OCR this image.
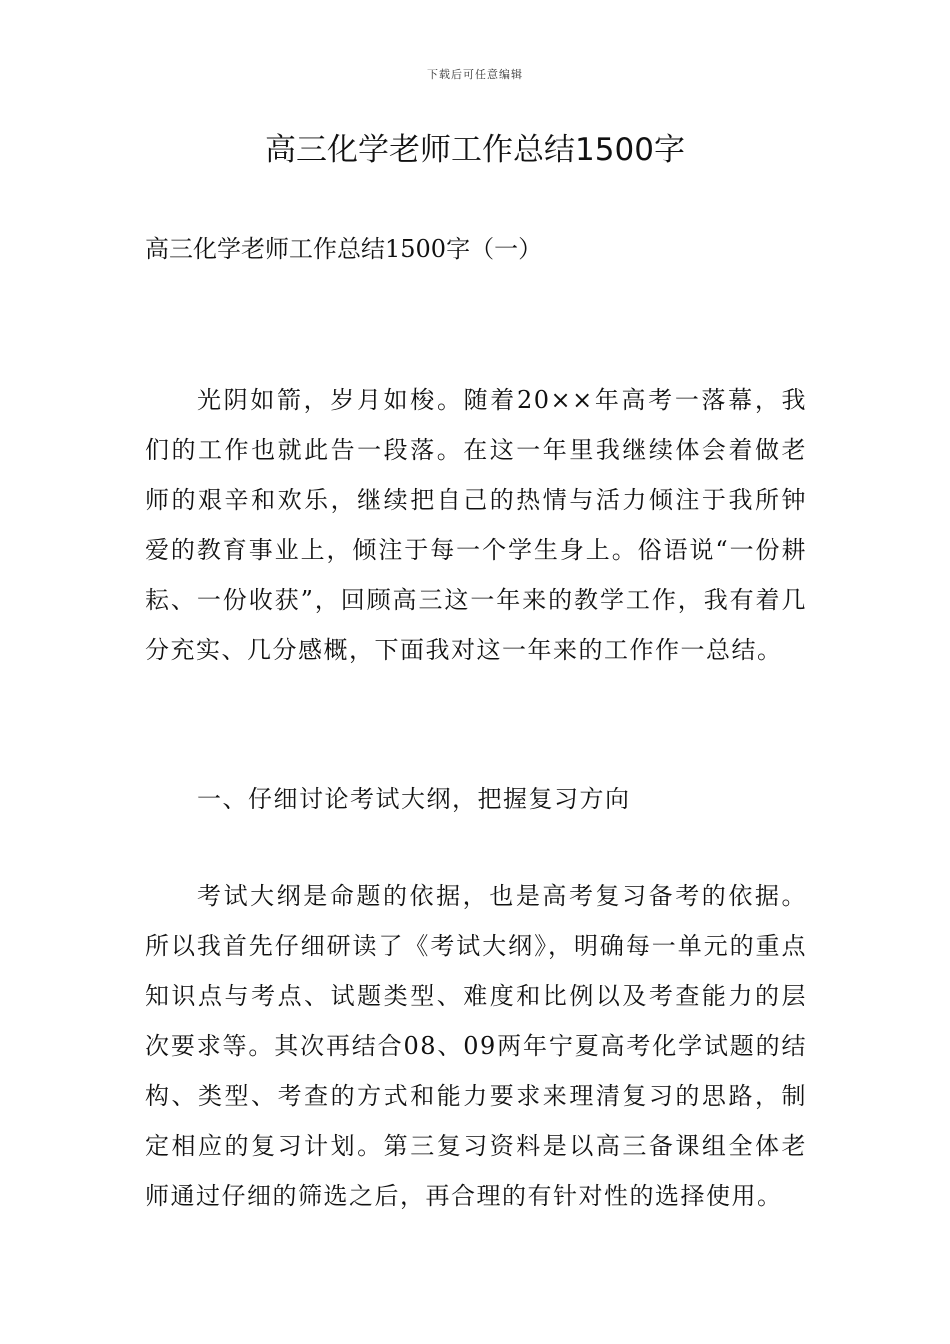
下载后可任意编辑
高三化学老师工作总结1500字

高三化学老师工作总结1500字（一）

光阴如箭，岁月如梭。随着20××年高考一落幕，我们的工作也就此告一段落。在这一年里我继续体会着做老师的艰辛和欢乐，继续把自己的热情与活力倾注于我所钟爱的教育事业上，倾注于每一个学生身上。俗语说“一份耕耘、一份收获”，回顾高三这一年来的教学工作，我有着几分充实、几分感概，下面我对这一年来的工作作一总结。

一、仔细讨论考试大纲，把握复习方向

考试大纲是命题的依据，也是高考复习备考的依据。所以我首先仔细研读了《考试大纲》，明确每一单元的重点知识点与考点、试题类型、难度和比例以及考查能力的层次要求等。其次再结合08、09两年宁夏高考化学试题的结构、类型、考查的方式和能力要求来理清复习的思路，制定相应的复习计划。第三复习资料是以高三备课组全体老师通过仔细的筛选之后，再合理的有针对性的选择使用。
